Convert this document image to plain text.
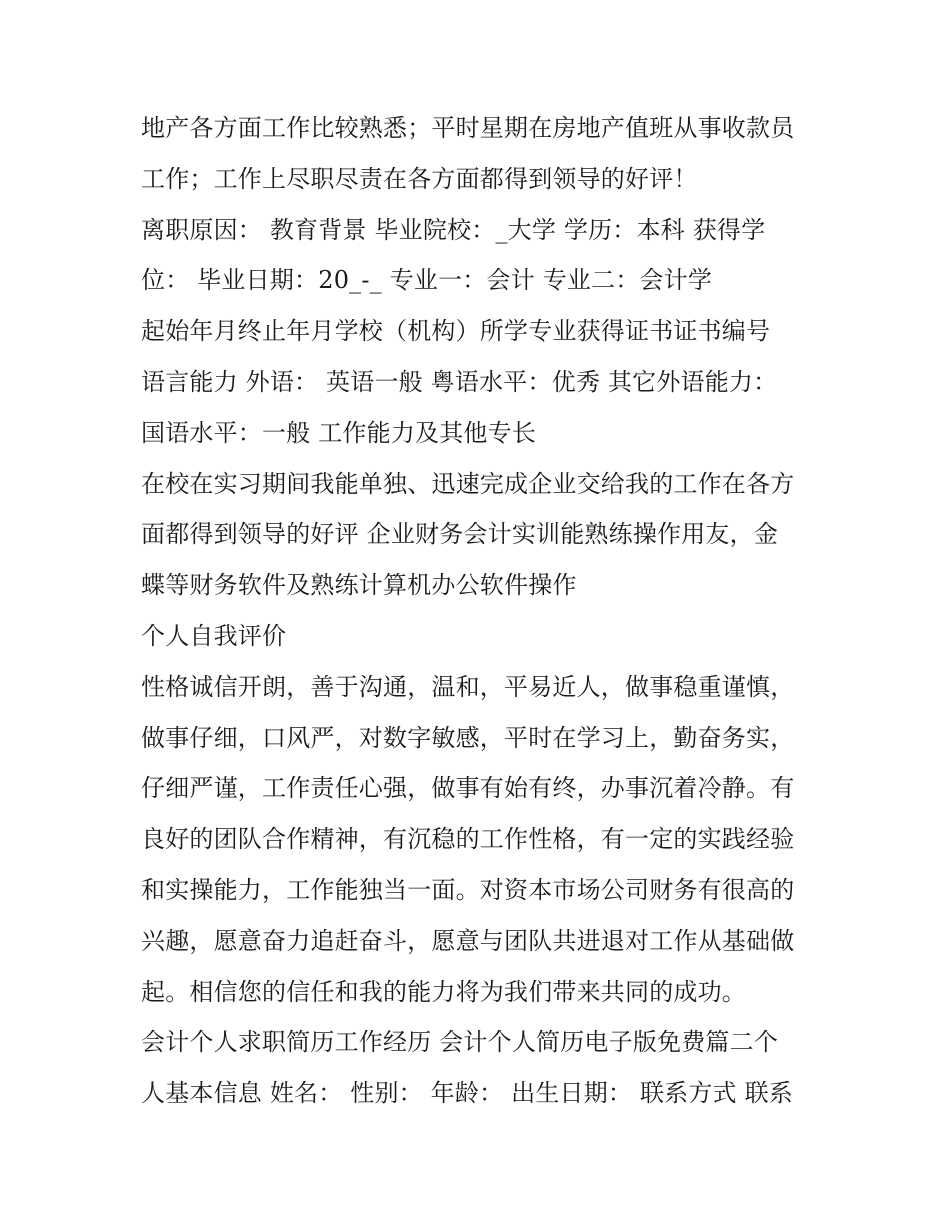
地产各方面工作比较熟悉；平时星期在房地产值班从事收款员
工作；工作上尽职尽责在各方面都得到领导的好评！
离职原因： 教育背景 毕业院校：_大学 学历：本科 获得学
位： 毕业日期：20_-_ 专业一：会计 专业二：会计学
起始年月终止年月学校（机构）所学专业获得证书证书编号
语言能力 外语： 英语一般 粤语水平：优秀 其它外语能力：
国语水平：一般 工作能力及其他专长
在校在实习期间我能单独、迅速完成企业交给我的工作在各方
面都得到领导的好评 企业财务会计实训能熟练操作用友，金
蝶等财务软件及熟练计算机办公软件操作
个人自我评价
性格诚信开朗，善于沟通，温和，平易近人，做事稳重谨慎，
做事仔细，口风严，对数字敏感，平时在学习上，勤奋务实，
仔细严谨，工作责任心强，做事有始有终，办事沉着冷静。有
良好的团队合作精神，有沉稳的工作性格，有一定的实践经验
和实操能力，工作能独当一面。对资本市场公司财务有很高的
兴趣，愿意奋力追赶奋斗，愿意与团队共进退对工作从基础做
起。相信您的信任和我的能力将为我们带来共同的成功。
会计个人求职简历工作经历 会计个人简历电子版免费篇二个
人基本信息 姓名： 性别： 年龄： 出生日期： 联系方式 联系
